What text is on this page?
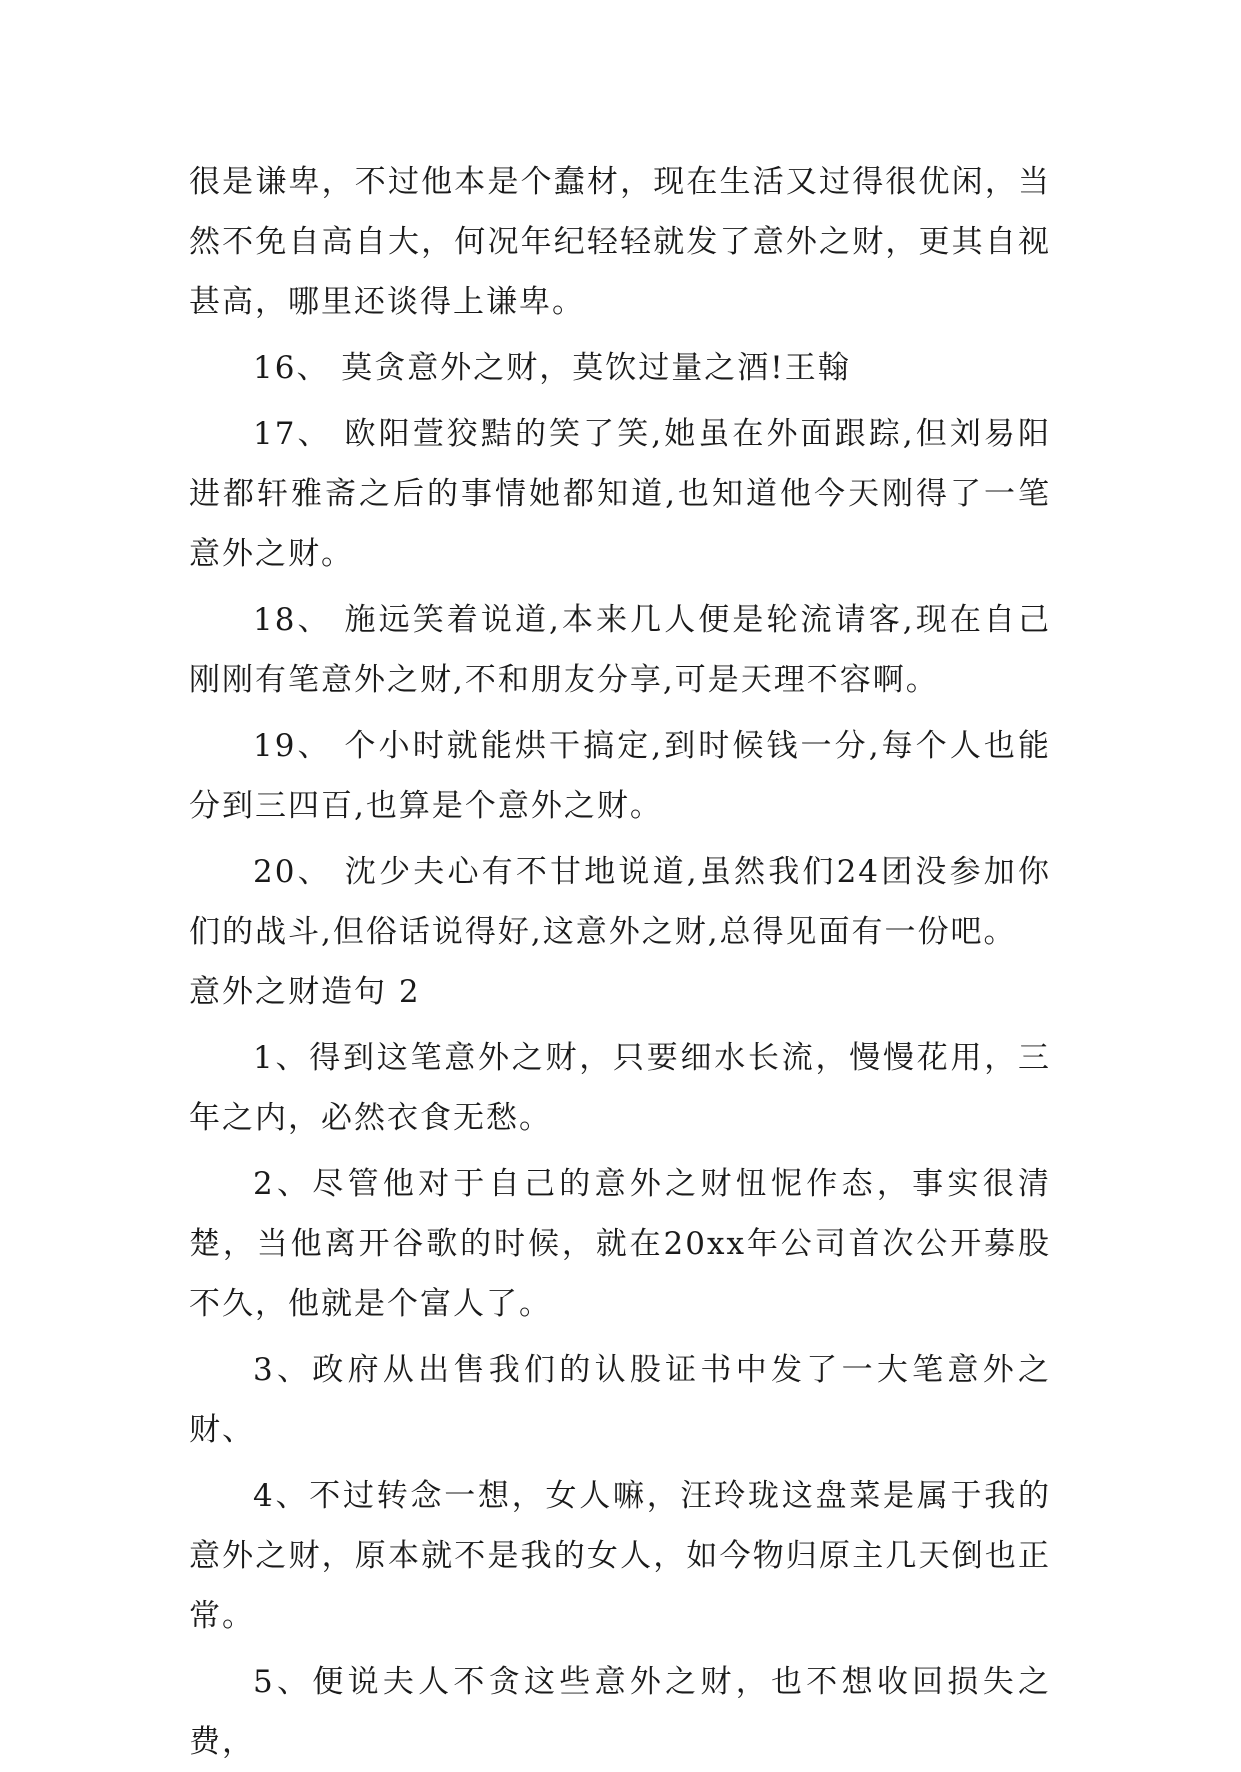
很是谦卑，不过他本是个蠢材，现在生活又过得很优闲，当然不免自高自大，何况年纪轻轻就发了意外之财，更其自视甚高，哪里还谈得上谦卑。

16、 莫贪意外之财，莫饮过量之酒!王翰

17、 欧阳萱狡黠的笑了笑,她虽在外面跟踪,但刘易阳进都轩雅斋之后的事情她都知道,也知道他今天刚得了一笔意外之财。

18、 施远笑着说道,本来几人便是轮流请客,现在自己刚刚有笔意外之财,不和朋友分享,可是天理不容啊。

19、 个小时就能烘干搞定,到时候钱一分,每个人也能分到三四百,也算是个意外之财。

20、 沈少夫心有不甘地说道,虽然我们24团没参加你们的战斗,但俗话说得好,这意外之财,总得见面有一份吧。

意外之财造句 2

1、得到这笔意外之财，只要细水长流，慢慢花用，三年之内，必然衣食无愁。

2、尽管他对于自己的意外之财忸怩作态，事实很清楚，当他离开谷歌的时候，就在20xx年公司首次公开募股不久，他就是个富人了。

3、政府从出售我们的认股证书中发了一大笔意外之财、

4、不过转念一想，女人嘛，汪玲珑这盘菜是属于我的意外之财，原本就不是我的女人，如今物归原主几天倒也正常。

5、便说夫人不贪这些意外之财，也不想收回损失之费，
